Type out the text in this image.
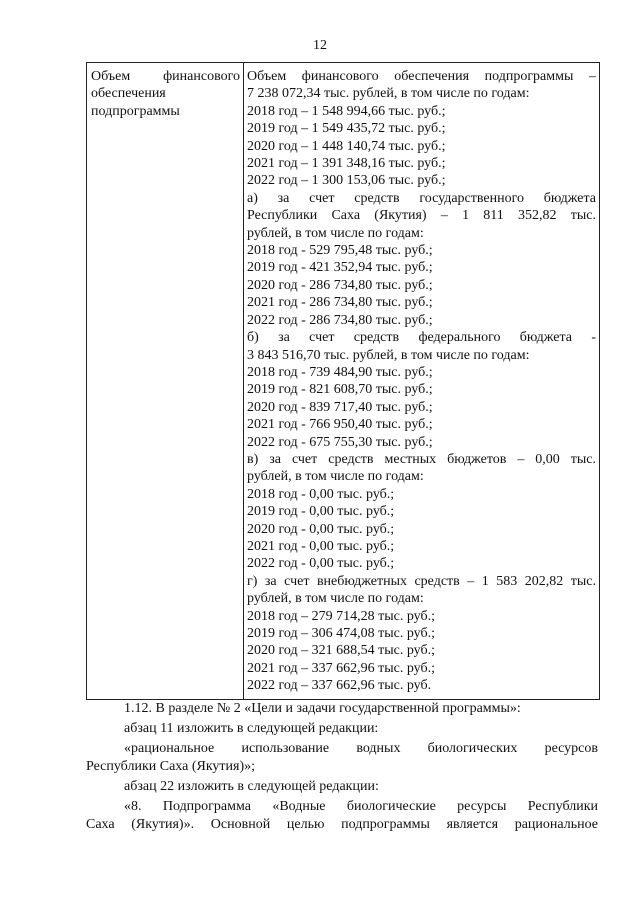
12
Объем финансового
обеспечения
подпрограммы
Объем финансового обеспечения подпрограммы –
7 238 072,34 тыс. рублей, в том числе по годам:
2018 год – 1 548 994,66 тыс. руб.;
2019 год – 1 549 435,72 тыс. руб.;
2020 год – 1 448 140,74 тыс. руб.;
2021 год – 1 391 348,16 тыс. руб.;
2022 год – 1 300 153,06 тыс. руб.;
а) за счет средств государственного бюджета
Республики Саха (Якутия) – 1 811 352,82 тыс.
рублей, в том числе по годам:
2018 год - 529 795,48 тыс. руб.;
2019 год - 421 352,94 тыс. руб.;
2020 год - 286 734,80 тыс. руб.;
2021 год - 286 734,80 тыс. руб.;
2022 год - 286 734,80 тыс. руб.;
б) за счет средств федерального бюджета -
3 843 516,70 тыс. рублей, в том числе по годам:
2018 год - 739 484,90 тыс. руб.;
2019 год - 821 608,70 тыс. руб.;
2020 год - 839 717,40 тыс. руб.;
2021 год - 766 950,40 тыс. руб.;
2022 год - 675 755,30 тыс. руб.;
в) за счет средств местных бюджетов – 0,00 тыс.
рублей, в том числе по годам:
2018 год - 0,00 тыс. руб.;
2019 год - 0,00 тыс. руб.;
2020 год - 0,00 тыс. руб.;
2021 год - 0,00 тыс. руб.;
2022 год - 0,00 тыс. руб.;
г) за счет внебюджетных средств – 1 583 202,82 тыс.
рублей, в том числе по годам:
2018 год – 279 714,28 тыс. руб.;
2019 год – 306 474,08 тыс. руб.;
2020 год – 321 688,54 тыс. руб.;
2021 год – 337 662,96 тыс. руб.;
2022 год – 337 662,96 тыс. руб.
1.12. В разделе № 2 «Цели и задачи государственной программы»:
абзац 11 изложить в следующей редакции:
«рациональное использование водных биологических ресурсов
Республики Саха (Якутия)»;
абзац 22 изложить в следующей редакции:
«8. Подпрограмма «Водные биологические ресурсы Республики
Саха (Якутия)». Основной целью подпрограммы является рациональное
